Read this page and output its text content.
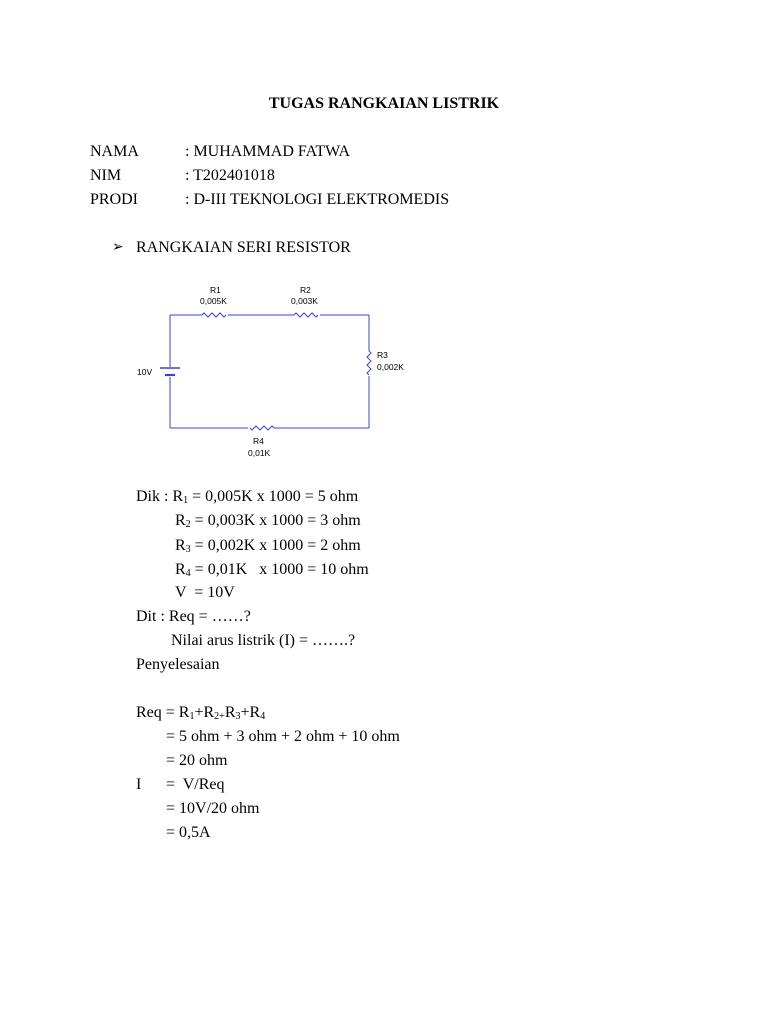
TUGAS RANGKAIAN LISTRIK
NAMA	: MUHAMMAD FATWA
NIM	: T202401018
PRODI	: D-III TEKNOLOGI ELEKTROMEDIS
➢ RANGKAIAN SERI RESISTOR
R1
0,005K
R2
0,003K
R3
0,002K
R4
0,01K
10V
Dik : $R_1 = 0,005K$ x 1000 = 5 ohm
$R_2 = 0,003K$ x 1000 = 3 ohm
$R_3 = 0,002K$ x 1000 = 2 ohm
$R_4 = 0,01K$   x 1000 = 10 ohm
V  = 10V
Dit : Req = ……?
Nilai arus listrik (I) = …….?
Penyelesaian
Req = $R_1+R_{2+}R_3+R_4$
= 5 ohm + 3 ohm + 2 ohm + 10 ohm
= 20 ohm
I =  V/Req
= 10V/20 ohm
= 0,5A
